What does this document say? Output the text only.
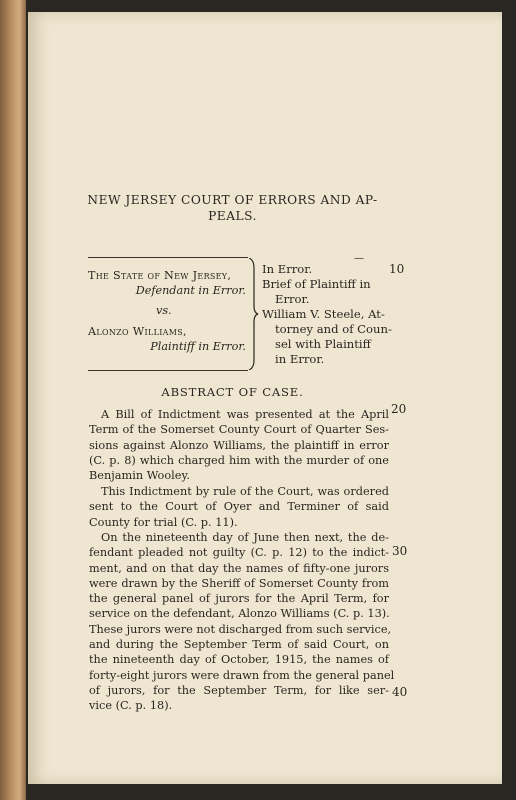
NEW JERSEY COURT OF ERRORS AND AP-
PEALS.
The State of New Jersey,
Defendant in Error.
vs.
Alonzo Williams,
Plaintiff in Error.
In Error.
Brief of Plaintiff in
Error.
William V. Steele, At-
torney and of Coun-
sel with Plaintiff
in Error.
—
10
20
30
40
ABSTRACT OF CASE.
A Bill of Indictment was presented at the April
Term of the Somerset County Court of Quarter Ses-
sions against Alonzo Williams, the plaintiff in error
(C. p. 8) which charged him with the murder of one
Benjamin Wooley.
This Indictment by rule of the Court, was ordered
sent to the Court of Oyer and Terminer of said
County for trial (C. p. 11).
On the nineteenth day of June then next, the de-
fendant pleaded not guilty (C. p. 12) to the indict-
ment, and on that day the names of fifty-one jurors
were drawn by the Sheriff of Somerset County from
the general panel of jurors for the April Term, for
service on the defendant, Alonzo Williams (C. p. 13).
These jurors were not discharged from such service,
and during the September Term of said Court, on
the nineteenth day of October, 1915, the names of
forty-eight jurors were drawn from the general panel
of jurors, for the September Term, for like ser-
vice (C. p. 18).
